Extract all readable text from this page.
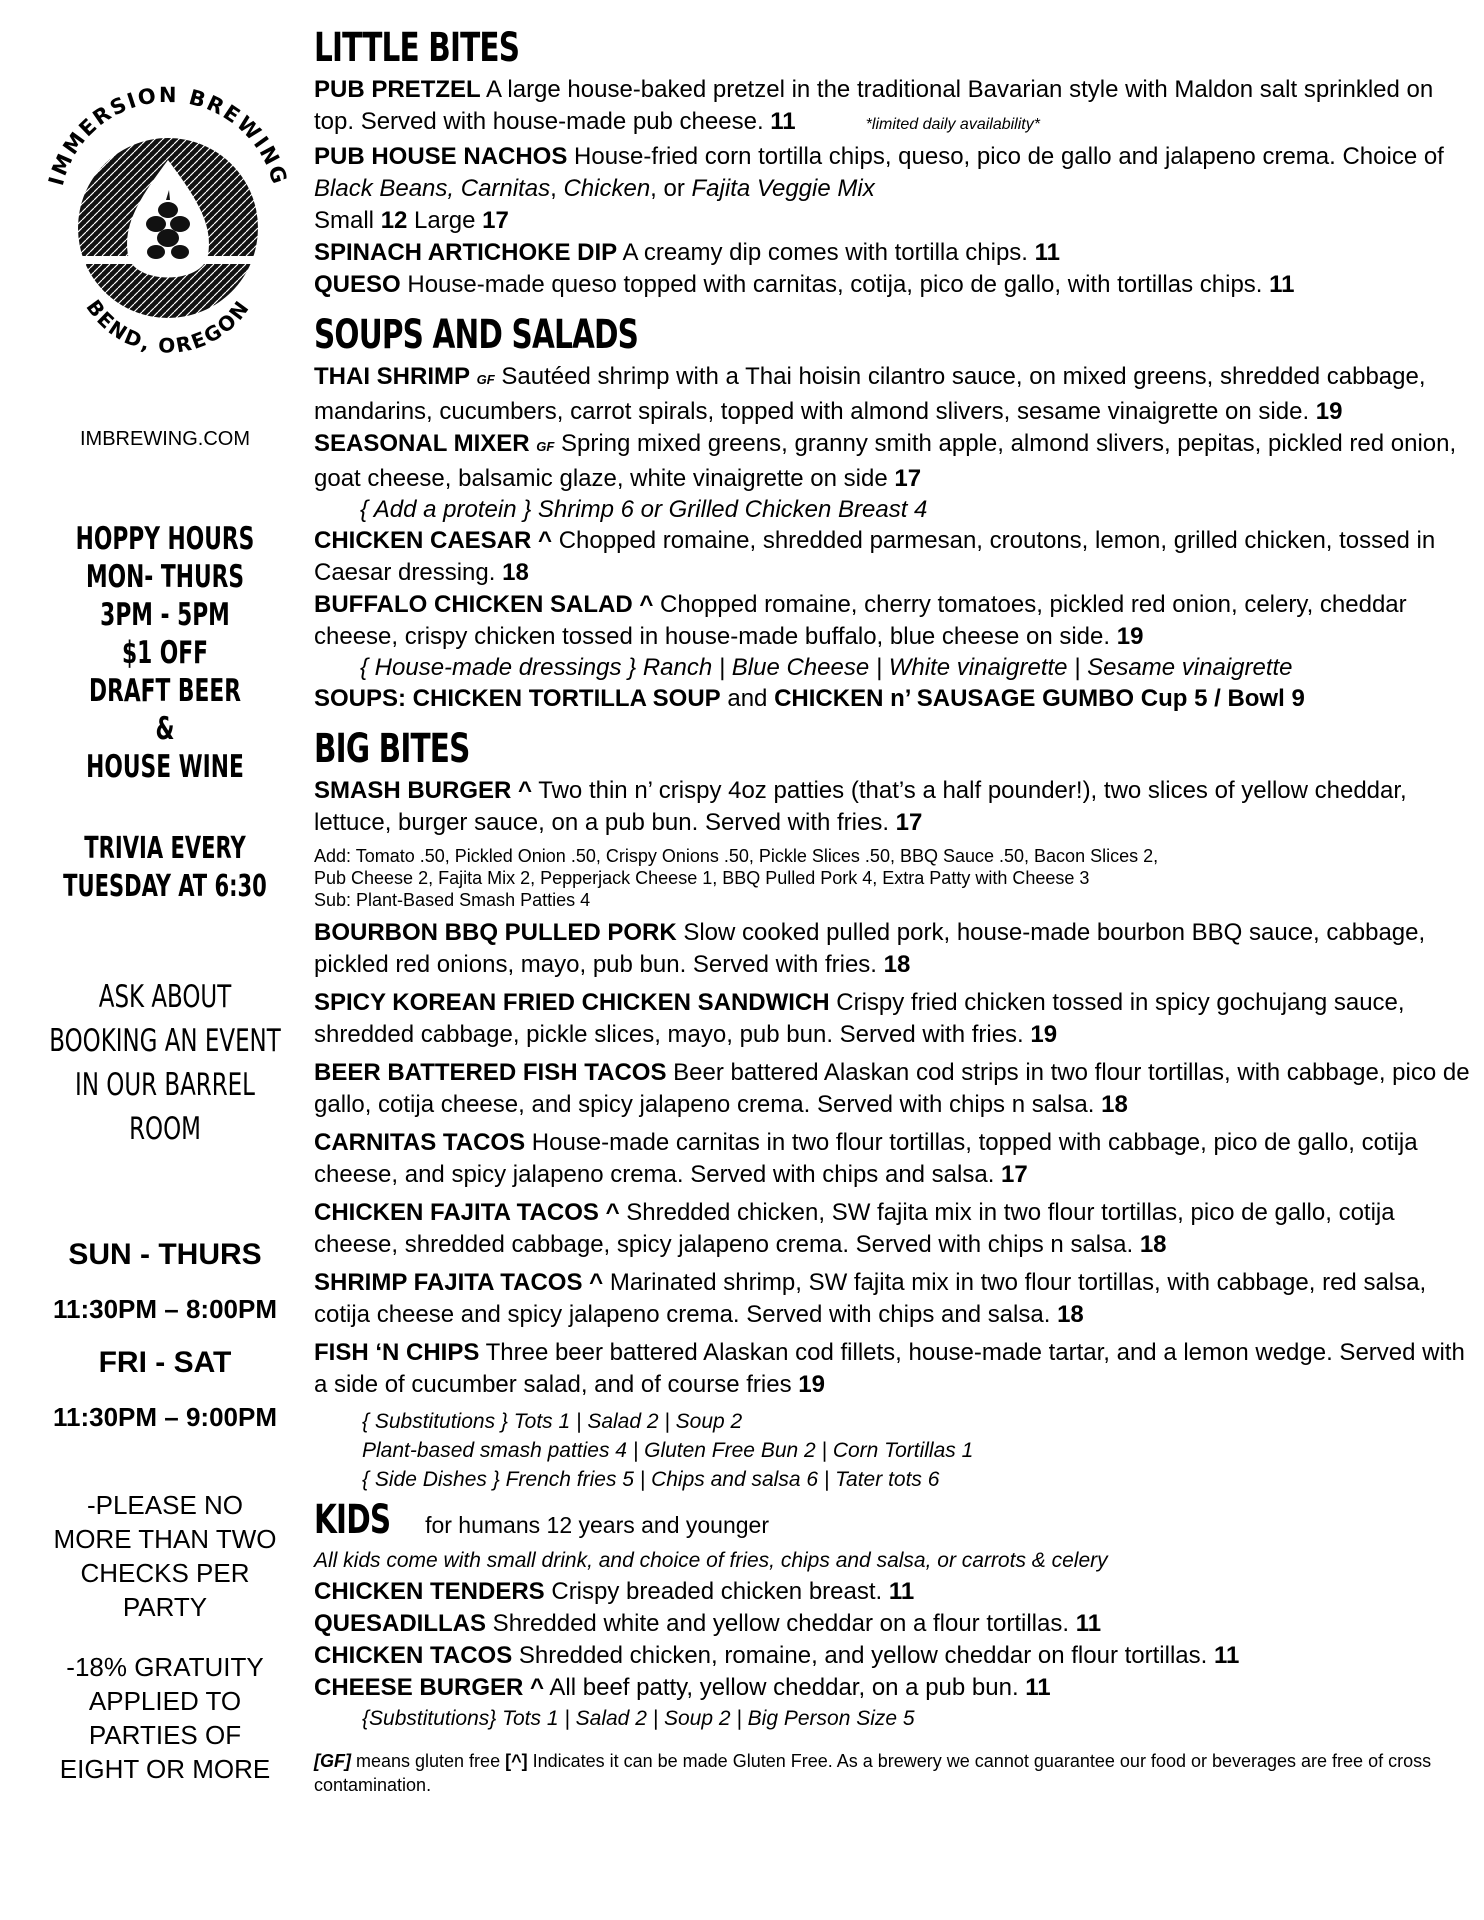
IMMERSION BREWING
BEND, OREGON
IMBREWING.COM
HOPPY HOURS
MON- THURS
3PM - 5PM
$1 OFF
DRAFT BEER
&
HOUSE WINE
TRIVIA EVERY
TUESDAY AT 6:30
ASK ABOUT
BOOKING AN EVENT
IN OUR BARREL
ROOM
SUN - THURS
11:30PM – 8:00PM
FRI - SAT
11:30PM – 9:00PM
-PLEASE NO
MORE THAN TWO
CHECKS PER
PARTY
-18% GRATUITY
APPLIED TO
PARTIES OF
EIGHT OR MORE
LITTLE BITES
PUB PRETZEL A large house-baked pretzel in the traditional Bavarian style with Maldon salt sprinkled on top. Served with house-made pub cheese. 11	*limited daily availability*
PUB HOUSE NACHOS House-fried corn tortilla chips, queso, pico de gallo and jalapeno crema. Choice of Black Beans, Carnitas, Chicken, or Fajita Veggie Mix
Small 12 Large 17
SPINACH ARTICHOKE DIP A creamy dip comes with tortilla chips. 11
QUESO House-made queso topped with carnitas, cotija, pico de gallo, with tortillas chips. 11
SOUPS AND SALADS
THAI SHRIMP GF Sautéed shrimp with a Thai hoisin cilantro sauce, on mixed greens, shredded cabbage, mandarins, cucumbers, carrot spirals, topped with almond slivers, sesame vinaigrette on side. 19
SEASONAL MIXER GF Spring mixed greens, granny smith apple, almond slivers, pepitas, pickled red onion, goat cheese, balsamic glaze, white vinaigrette on side 17
{ Add a protein } Shrimp 6 or Grilled Chicken Breast 4
CHICKEN CAESAR ^ Chopped romaine, shredded parmesan, croutons, lemon, grilled chicken, tossed in Caesar dressing. 18
BUFFALO CHICKEN SALAD ^ Chopped romaine, cherry tomatoes, pickled red onion, celery, cheddar cheese, crispy chicken tossed in house-made buffalo, blue cheese on side. 19
{ House-made dressings } Ranch | Blue Cheese | White vinaigrette | Sesame vinaigrette
SOUPS: CHICKEN TORTILLA SOUP and CHICKEN n’ SAUSAGE GUMBO Cup 5 / Bowl 9
BIG BITES
SMASH BURGER ^ Two thin n’ crispy 4oz patties (that’s a half pounder!), two slices of yellow cheddar, lettuce, burger sauce, on a pub bun. Served with fries. 17
Add: Tomato .50, Pickled Onion .50, Crispy Onions .50, Pickle Slices .50, BBQ Sauce .50, Bacon Slices 2,
Pub Cheese 2, Fajita Mix 2, Pepperjack Cheese 1, BBQ Pulled Pork 4, Extra Patty with Cheese 3
Sub: Plant-Based Smash Patties 4
BOURBON BBQ PULLED PORK Slow cooked pulled pork, house-made bourbon BBQ sauce, cabbage, pickled red onions, mayo, pub bun. Served with fries. 18
SPICY KOREAN FRIED CHICKEN SANDWICH Crispy fried chicken tossed in spicy gochujang sauce, shredded cabbage, pickle slices, mayo, pub bun. Served with fries. 19
BEER BATTERED FISH TACOS Beer battered Alaskan cod strips in two flour tortillas, with cabbage, pico de gallo, cotija cheese, and spicy jalapeno crema. Served with chips n salsa. 18
CARNITAS TACOS House-made carnitas in two flour tortillas, topped with cabbage, pico de gallo, cotija cheese, and spicy jalapeno crema. Served with chips and salsa. 17
CHICKEN FAJITA TACOS ^ Shredded chicken, SW fajita mix in two flour tortillas, pico de gallo, cotija cheese, shredded cabbage, spicy jalapeno crema. Served with chips n salsa. 18
SHRIMP FAJITA TACOS ^ Marinated shrimp, SW fajita mix in two flour tortillas, with cabbage, red salsa, cotija cheese and spicy jalapeno crema. Served with chips and salsa. 18
FISH ‘N CHIPS Three beer battered Alaskan cod fillets, house-made tartar, and a lemon wedge. Served with a side of cucumber salad, and of course fries 19
{ Substitutions } Tots 1 | Salad 2 | Soup 2
Plant-based smash patties 4 | Gluten Free Bun 2 | Corn Tortillas 1
{ Side Dishes } French fries 5 | Chips and salsa 6 | Tater tots 6
KIDS for humans 12 years and younger
All kids come with small drink, and choice of fries, chips and salsa, or carrots & celery
CHICKEN TENDERS Crispy breaded chicken breast. 11
QUESADILLAS Shredded white and yellow cheddar on a flour tortillas. 11
CHICKEN TACOS Shredded chicken, romaine, and yellow cheddar on flour tortillas. 11
CHEESE BURGER ^ All beef patty, yellow cheddar, on a pub bun. 11
{Substitutions} Tots 1 | Salad 2 | Soup 2 | Big Person Size 5
[GF] means gluten free [^] Indicates it can be made Gluten Free. As a brewery we cannot guarantee our food or beverages are free of cross contamination.
